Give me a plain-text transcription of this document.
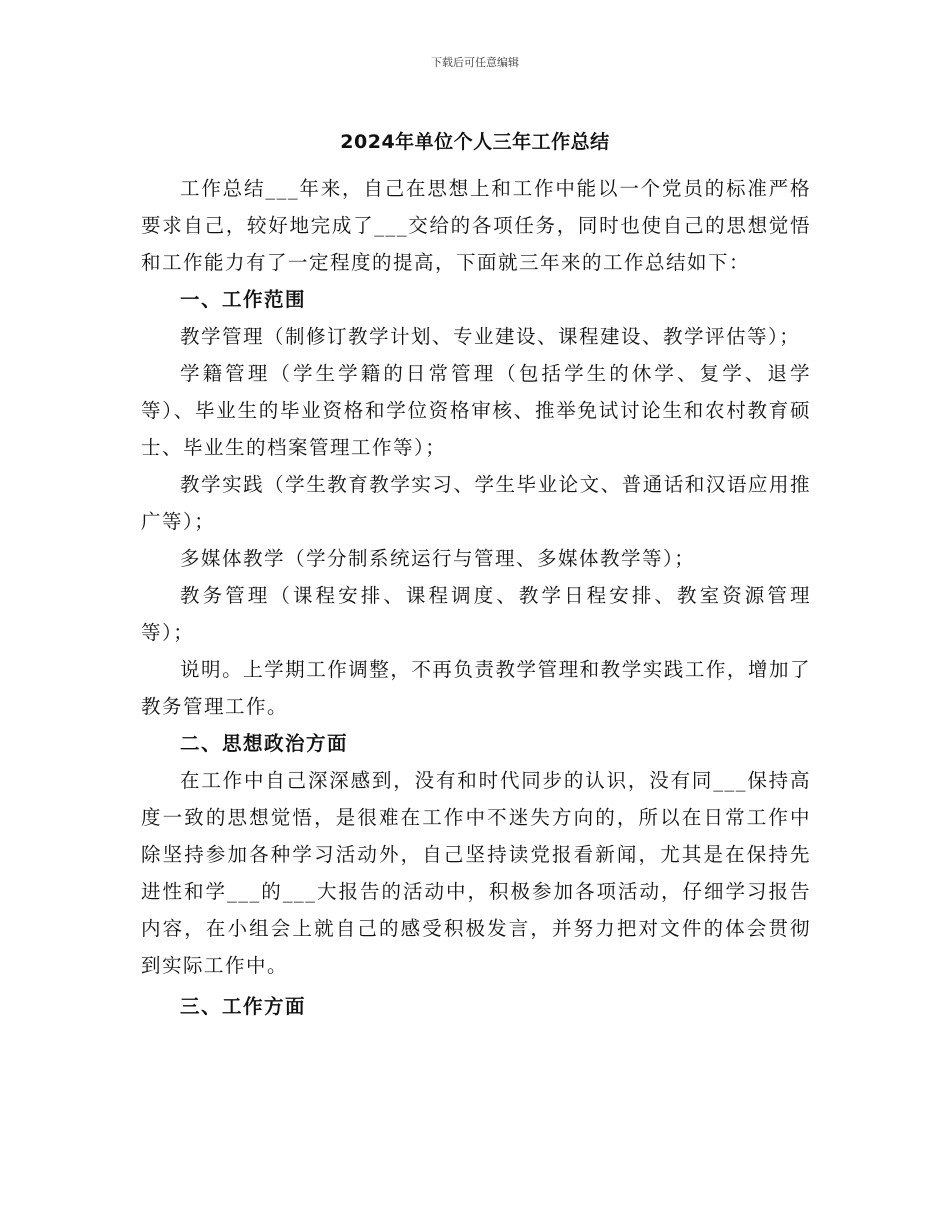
下载后可任意编辑
2024年单位个人三年工作总结

工作总结___年来，自己在思想上和工作中能以一个党员的标准严格要求自己，较好地完成了___交给的各项任务，同时也使自己的思想觉悟和工作能力有了一定程度的提高，下面就三年来的工作总结如下：

一、工作范围

教学管理（制修订教学计划、专业建设、课程建设、教学评估等）；

学籍管理（学生学籍的日常管理（包括学生的休学、复学、退学等）、毕业生的毕业资格和学位资格审核、推举免试讨论生和农村教育硕士、毕业生的档案管理工作等）；

教学实践（学生教育教学实习、学生毕业论文、普通话和汉语应用推广等）；

多媒体教学（学分制系统运行与管理、多媒体教学等）；

教务管理（课程安排、课程调度、教学日程安排、教室资源管理等）；

说明。上学期工作调整，不再负责教学管理和教学实践工作，增加了教务管理工作。

二、思想政治方面

在工作中自己深深感到，没有和时代同步的认识，没有同___保持高度一致的思想觉悟，是很难在工作中不迷失方向的，所以在日常工作中除坚持参加各种学习活动外，自己坚持读党报看新闻，尤其是在保持先进性和学___的___大报告的活动中，积极参加各项活动，仔细学习报告内容，在小组会上就自己的感受积极发言，并努力把对文件的体会贯彻到实际工作中。

三、工作方面
